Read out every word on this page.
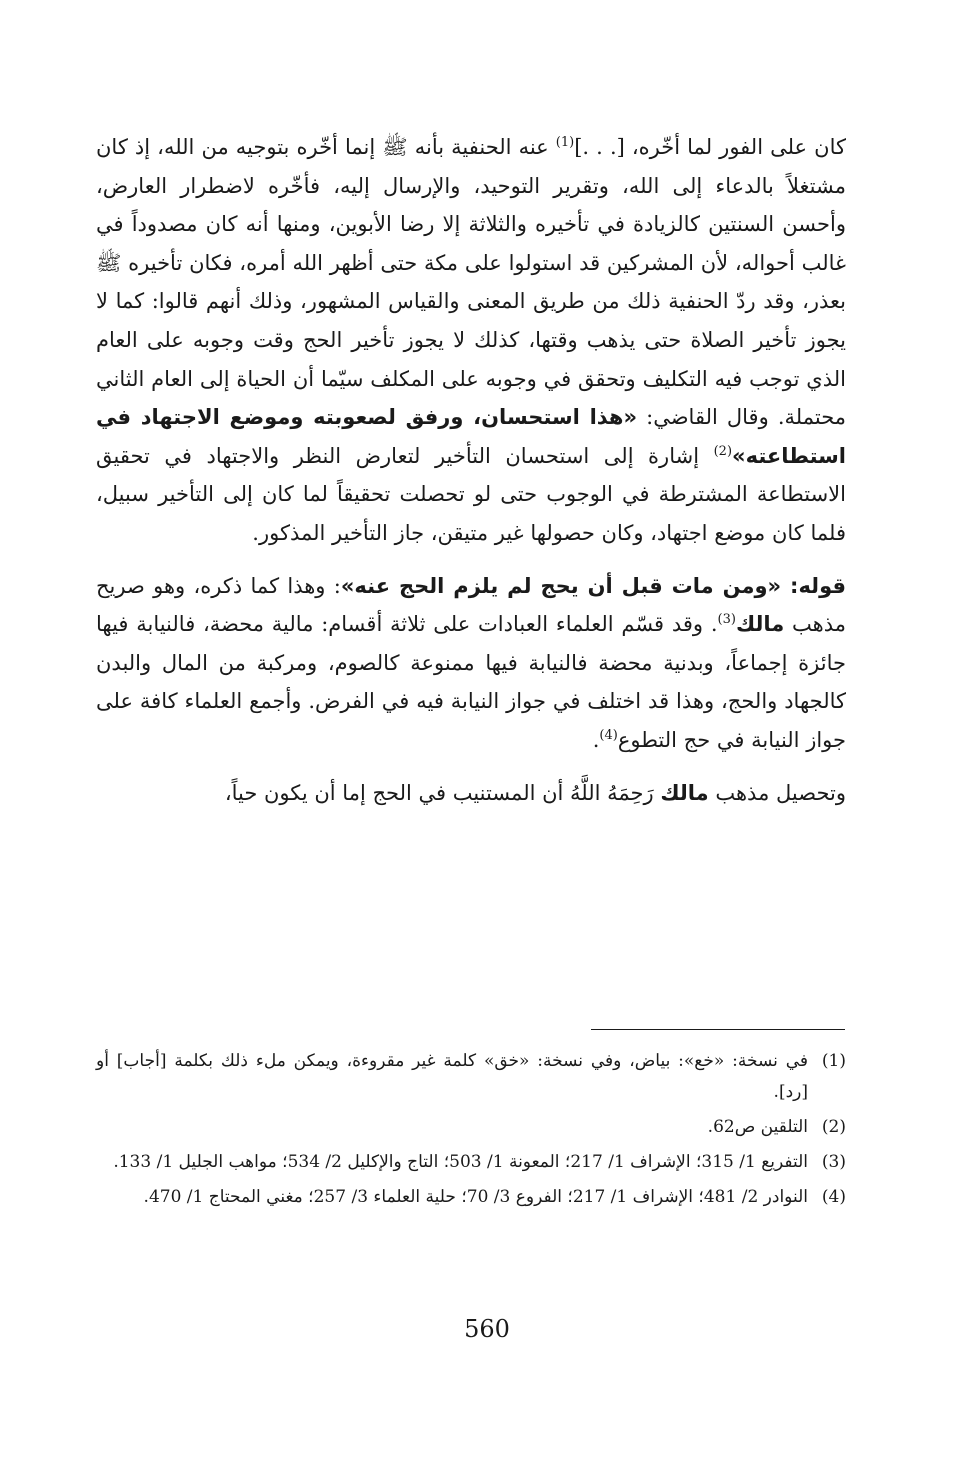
كان على الفور لما أخّره، [. . .]$^{(1)}$ عنه الحنفية بأنه ﷺ إنما أخّره بتوجيه من الله، إذ كان مشتغلاً بالدعاء إلى الله، وتقرير التوحيد، والإرسال إليه، فأخّره لاضطرار العارض، وأحسن السنتين كالزيادة في تأخيره والثلاثة إلا رضا الأبوين، ومنها أنه كان مصدوداً في غالب أحواله، لأن المشركين قد استولوا على مكة حتى أظهر الله أمره، فكان تأخيره ﷺ بعذر، وقد ردّ الحنفية ذلك من طريق المعنى والقياس المشهور، وذلك أنهم قالوا: كما لا يجوز تأخير الصلاة حتى يذهب وقتها، كذلك لا يجوز تأخير الحج وقت وجوبه على العام الذي توجب فيه التكليف وتحقق في وجوبه على المكلف سيّما أن الحياة إلى العام الثاني محتملة. وقال القاضي: «هذا استحسان، ورفق لصعوبته وموضع الاجتهاد في استطاعته»$^{(2)}$ إشارة إلى استحسان التأخير لتعارض النظر والاجتهاد في تحقيق الاستطاعة المشترطة في الوجوب حتى لو تحصلت تحقيقاً لما كان إلى التأخير سبيل، فلما كان موضع اجتهاد، وكان حصولها غير متيقن، جاز التأخير المذكور.

قوله: «ومن مات قبل أن يحج لم يلزم الحج عنه»: وهذا كما ذكره، وهو صريح مذهب مالك$^{(3)}$. وقد قسّم العلماء العبادات على ثلاثة أقسام: مالية محضة، فالنيابة فيها جائزة إجماعاً، وبدنية محضة فالنيابة فيها ممنوعة كالصوم، ومركبة من المال والبدن كالجهاد والحج، وهذا قد اختلف في جواز النيابة فيه في الفرض. وأجمع العلماء كافة على جواز النيابة في حج التطوع$^{(4)}$.

وتحصيل مذهب مالك رَحِمَهُ اللَّهُ أن المستنيب في الحج إما أن يكون حياً،

(1)
في نسخة: «خع»: بياض، وفي نسخة: «خق» كلمة غير مقروءة، ويمكن ملء ذلك بكلمة [أجاب] أو [رد].
(2)
التلقين ص62.
(3)
التفريع 1/ 315؛ الإشراف 1/ 217؛ المعونة 1/ 503؛ التاج والإكليل 2/ 534؛ مواهب الجليل 1/ 133.
(4)
النوادر 2/ 481؛ الإشراف 1/ 217؛ الفروع 3/ 70؛ حلية العلماء 3/ 257؛ مغني المحتاج 1/ 470.
560
